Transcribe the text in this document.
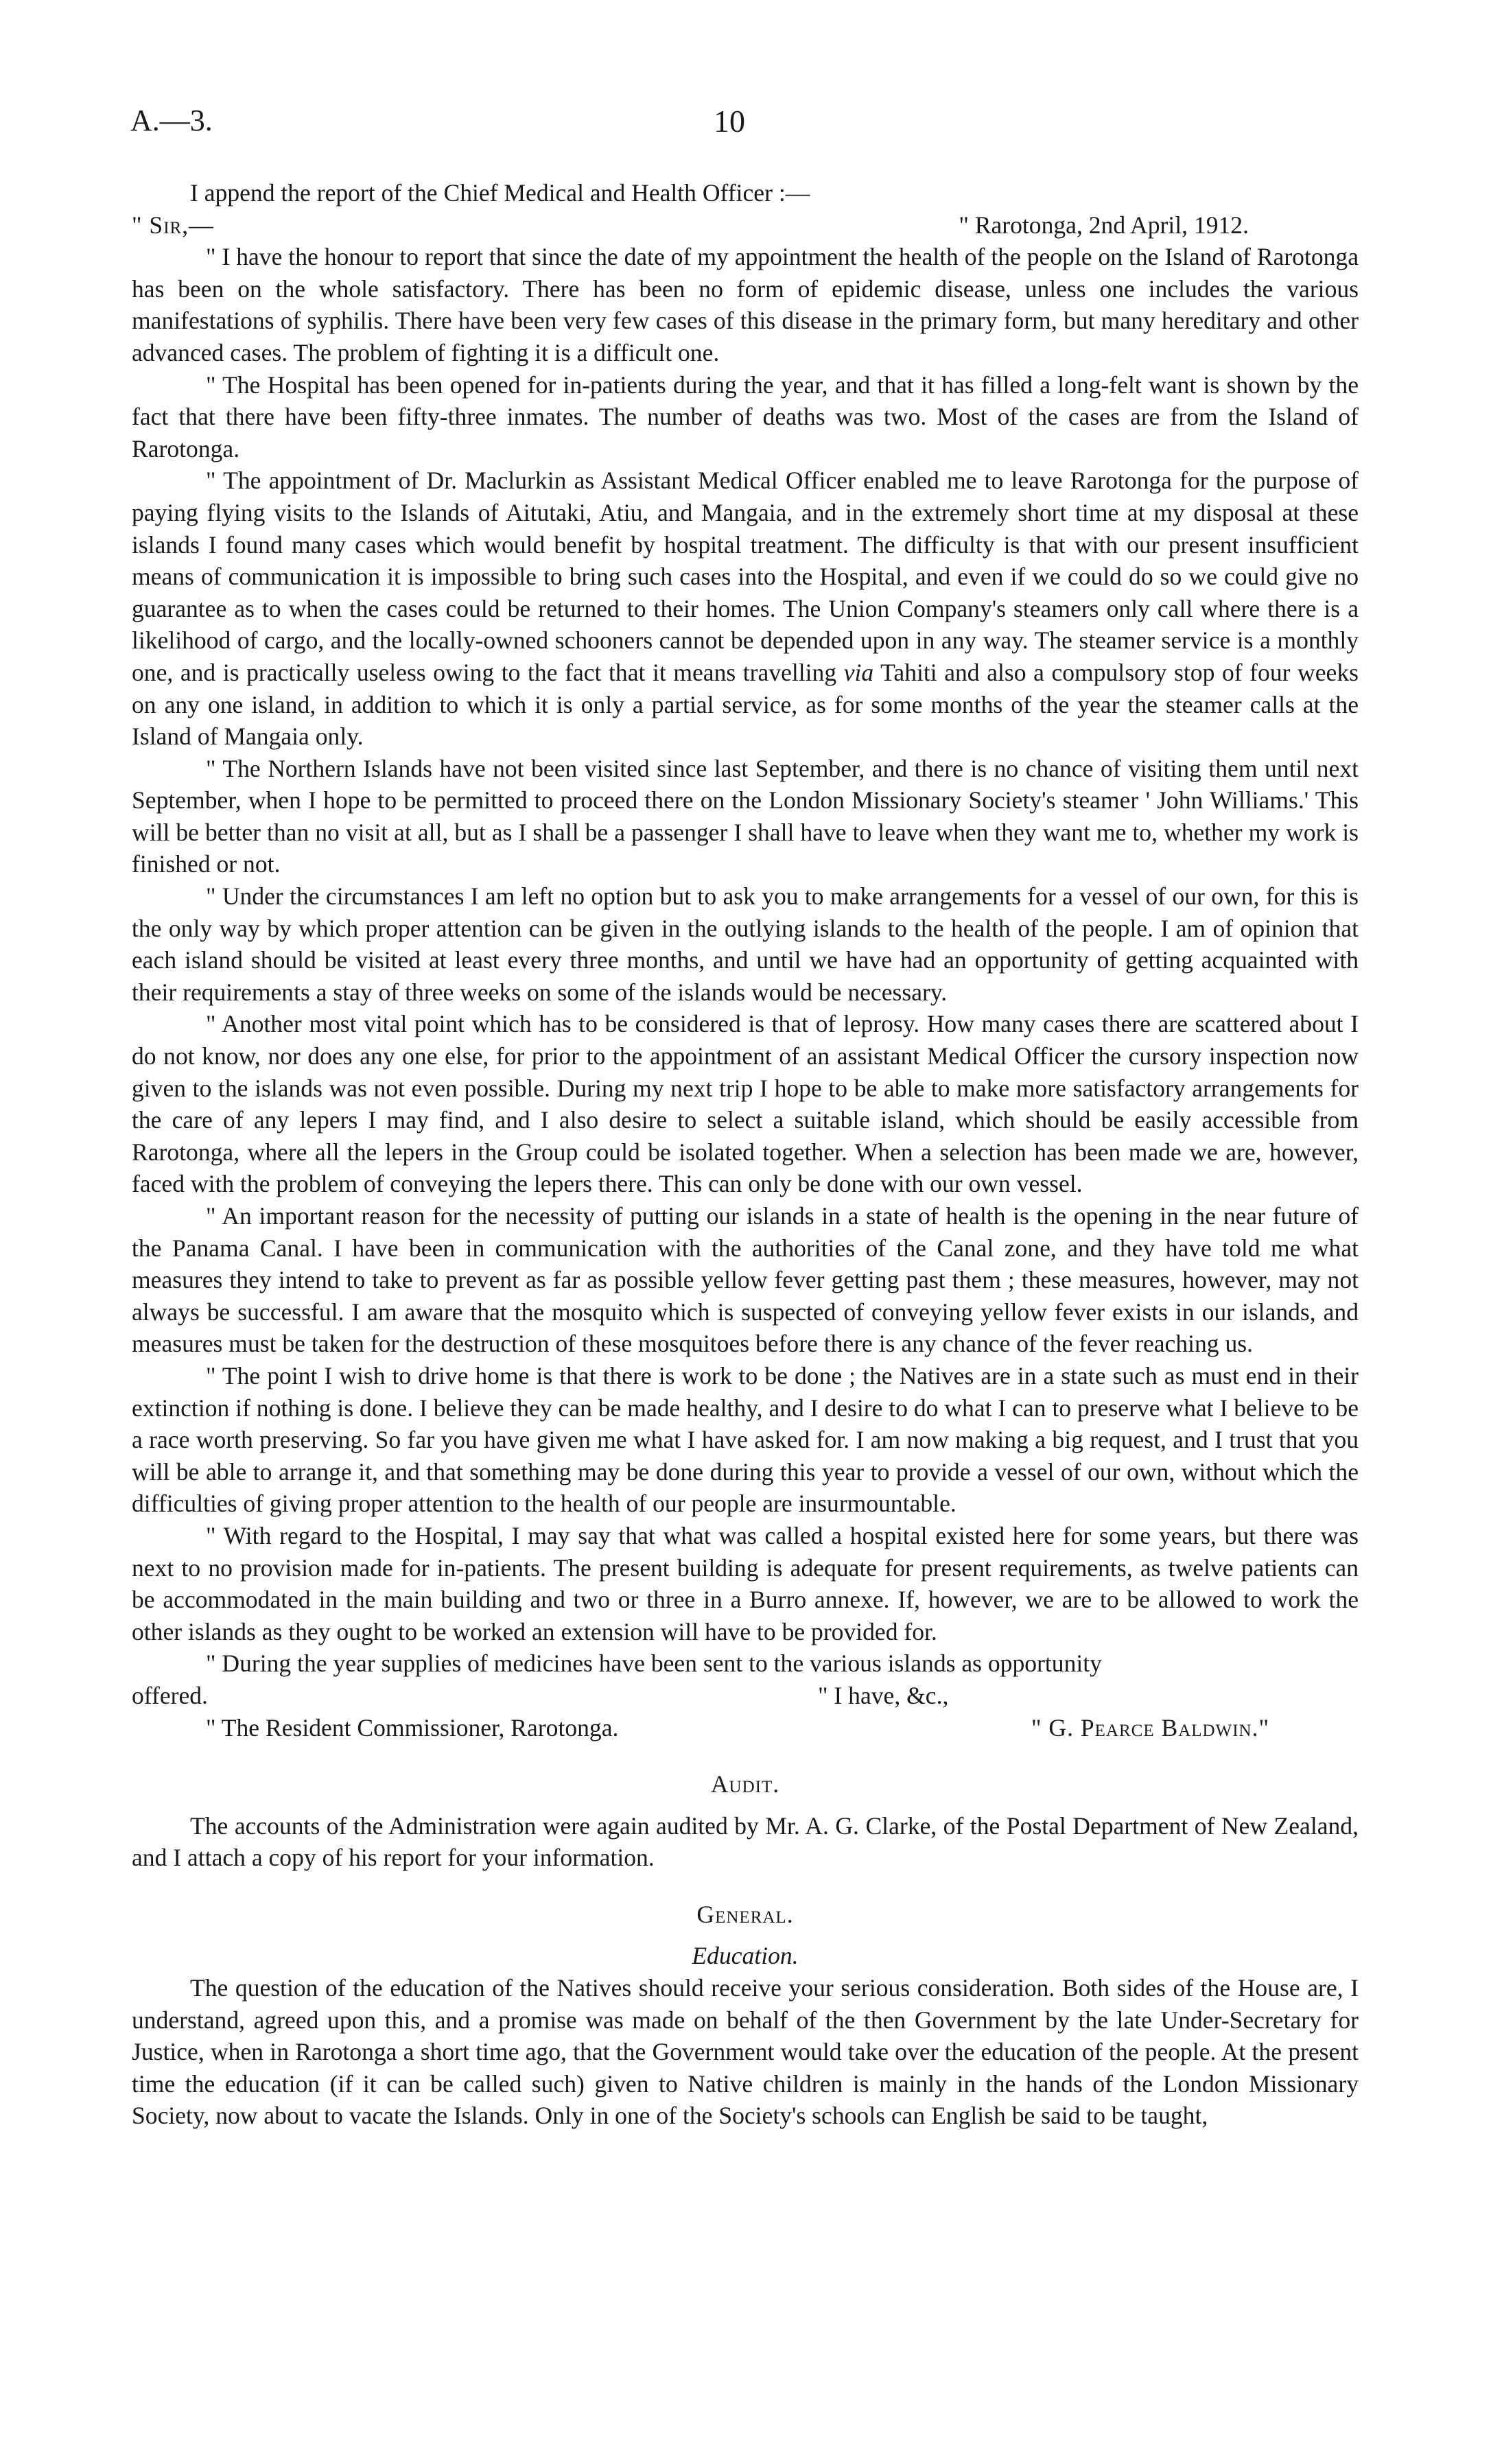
A.—3.	10

I append the report of the Chief Medical and Health Officer :—

" Sir,—	" Rarotonga, 2nd April, 1912.

" I have the honour to report that since the date of my appointment the health of the people on the Island of Rarotonga has been on the whole satisfactory. There has been no form of epidemic disease, unless one includes the various manifestations of syphilis. There have been very few cases of this disease in the primary form, but many hereditary and other advanced cases. The problem of fighting it is a difficult one.

" The Hospital has been opened for in-patients during the year, and that it has filled a long-felt want is shown by the fact that there have been fifty-three inmates. The number of deaths was two. Most of the cases are from the Island of Rarotonga.

" The appointment of Dr. Maclurkin as Assistant Medical Officer enabled me to leave Rarotonga for the purpose of paying flying visits to the Islands of Aitutaki, Atiu, and Mangaia, and in the extremely short time at my disposal at these islands I found many cases which would benefit by hospital treatment. The difficulty is that with our present insufficient means of communication it is impossible to bring such cases into the Hospital, and even if we could do so we could give no guarantee as to when the cases could be returned to their homes. The Union Company's steamers only call where there is a likelihood of cargo, and the locally-owned schooners cannot be depended upon in any way. The steamer service is a monthly one, and is practically useless owing to the fact that it means travelling via Tahiti and also a compulsory stop of four weeks on any one island, in addition to which it is only a partial service, as for some months of the year the steamer calls at the Island of Mangaia only.

" The Northern Islands have not been visited since last September, and there is no chance of visiting them until next September, when I hope to be permitted to proceed there on the London Missionary Society's steamer ' John Williams.' This will be better than no visit at all, but as I shall be a passenger I shall have to leave when they want me to, whether my work is finished or not.

" Under the circumstances I am left no option but to ask you to make arrangements for a vessel of our own, for this is the only way by which proper attention can be given in the outlying islands to the health of the people. I am of opinion that each island should be visited at least every three months, and until we have had an opportunity of getting acquainted with their requirements a stay of three weeks on some of the islands would be necessary.

" Another most vital point which has to be considered is that of leprosy. How many cases there are scattered about I do not know, nor does any one else, for prior to the appointment of an assistant Medical Officer the cursory inspection now given to the islands was not even possible. During my next trip I hope to be able to make more satisfactory arrangements for the care of any lepers I may find, and I also desire to select a suitable island, which should be easily accessible from Rarotonga, where all the lepers in the Group could be isolated together. When a selection has been made we are, however, faced with the problem of conveying the lepers there. This can only be done with our own vessel.

" An important reason for the necessity of putting our islands in a state of health is the opening in the near future of the Panama Canal. I have been in communication with the authorities of the Canal zone, and they have told me what measures they intend to take to prevent as far as possible yellow fever getting past them ; these measures, however, may not always be successful. I am aware that the mosquito which is suspected of conveying yellow fever exists in our islands, and measures must be taken for the destruction of these mosquitoes before there is any chance of the fever reaching us.

" The point I wish to drive home is that there is work to be done ; the Natives are in a state such as must end in their extinction if nothing is done. I believe they can be made healthy, and I desire to do what I can to preserve what I believe to be a race worth preserving. So far you have given me what I have asked for. I am now making a big request, and I trust that you will be able to arrange it, and that something may be done during this year to provide a vessel of our own, without which the difficulties of giving proper attention to the health of our people are insurmountable.

" With regard to the Hospital, I may say that what was called a hospital existed here for some years, but there was next to no provision made for in-patients. The present building is adequate for present requirements, as twelve patients can be accommodated in the main building and two or three in a Burro annexe. If, however, we are to be allowed to work the other islands as they ought to be worked an extension will have to be provided for.

" During the year supplies of medicines have been sent to the various islands as opportunity

offered.	" I have, &c.,
" The Resident Commissioner, Rarotonga.	" G. Pearce Baldwin."
Audit.

The accounts of the Administration were again audited by Mr. A. G. Clarke, of the Postal Department of New Zealand, and I attach a copy of his report for your information.

General.
Education.

The question of the education of the Natives should receive your serious consideration. Both sides of the House are, I understand, agreed upon this, and a promise was made on behalf of the then Government by the late Under-Secretary for Justice, when in Rarotonga a short time ago, that the Government would take over the education of the people. At the present time the education (if it can be called such) given to Native children is mainly in the hands of the London Missionary Society, now about to vacate the Islands. Only in one of the Society's schools can English be said to be taught,
